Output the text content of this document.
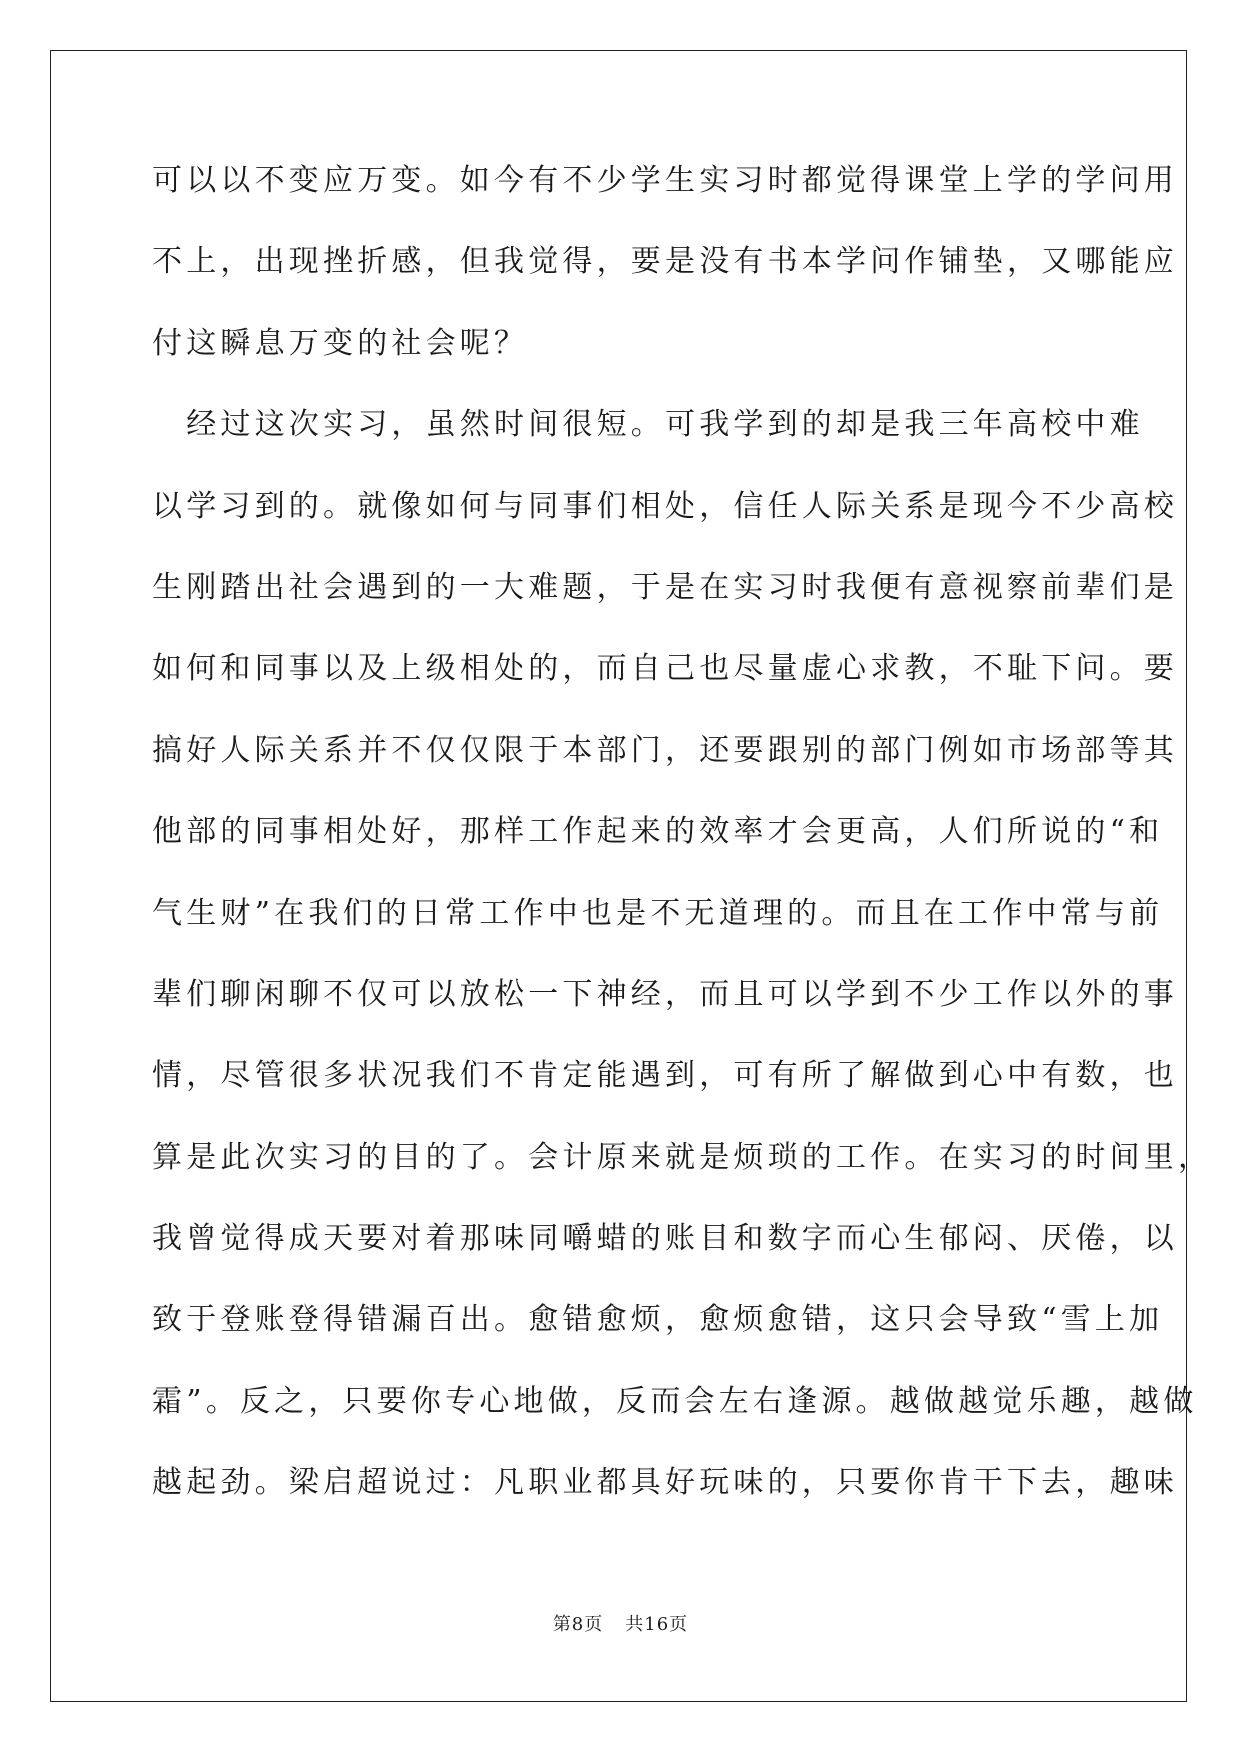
可以以不变应万变。如今有不少学生实习时都觉得课堂上学的学问用
不上，出现挫折感，但我觉得，要是没有书本学问作铺垫，又哪能应
付这瞬息万变的社会呢？
　经过这次实习，虽然时间很短。可我学到的却是我三年高校中难
以学习到的。就像如何与同事们相处，信任人际关系是现今不少高校
生刚踏出社会遇到的一大难题，于是在实习时我便有意视察前辈们是
如何和同事以及上级相处的，而自己也尽量虚心求教，不耻下问。要
搞好人际关系并不仅仅限于本部门，还要跟别的部门例如市场部等其
他部的同事相处好，那样工作起来的效率才会更高，人们所说的“和
气生财”在我们的日常工作中也是不无道理的。而且在工作中常与前
辈们聊闲聊不仅可以放松一下神经，而且可以学到不少工作以外的事
情，尽管很多状况我们不肯定能遇到，可有所了解做到心中有数，也
算是此次实习的目的了。会计原来就是烦琐的工作。在实习的时间里，
我曾觉得成天要对着那味同嚼蜡的账目和数字而心生郁闷、厌倦，以
致于登账登得错漏百出。愈错愈烦，愈烦愈错，这只会导致“雪上加
霜”。反之，只要你专心地做，反而会左右逢源。越做越觉乐趣，越做
越起劲。梁启超说过：凡职业都具好玩味的，只要你肯干下去，趣味
第8页 共16页
